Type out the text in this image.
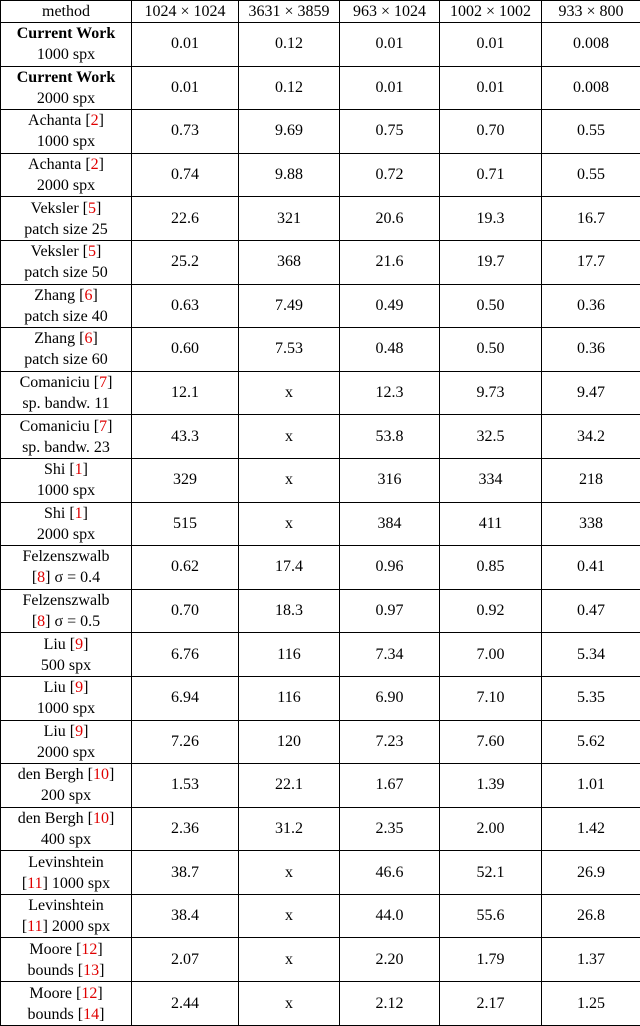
method	1024 × 1024	3631 × 3859	963 × 1024	1002 × 1002	933 × 800

Current Work
1000 spx	0.01	0.12	0.01	0.01	0.008

Current Work
2000 spx	0.01	0.12	0.01	0.01	0.008

Achanta [2]
1000 spx	0.73	9.69	0.75	0.70	0.55

Achanta [2]
2000 spx	0.74	9.88	0.72	0.71	0.55

Veksler [5]
patch size 25	22.6	321	20.6	19.3	16.7

Veksler [5]
patch size 50	25.2	368	21.6	19.7	17.7

Zhang [6]
patch size 40	0.63	7.49	0.49	0.50	0.36

Zhang [6]
patch size 60	0.60	7.53	0.48	0.50	0.36

Comaniciu [7]
sp. bandw. 11	12.1	x	12.3	9.73	9.47

Comaniciu [7]
sp. bandw. 23	43.3	x	53.8	32.5	34.2

Shi [1]
1000 spx	329	x	316	334	218

Shi [1]
2000 spx	515	x	384	411	338

Felzenszwalb
[8] σ = 0.4	0.62	17.4	0.96	0.85	0.41

Felzenszwalb
[8] σ = 0.5	0.70	18.3	0.97	0.92	0.47

Liu [9]
500 spx	6.76	116	7.34	7.00	5.34

Liu [9]
1000 spx	6.94	116	6.90	7.10	5.35

Liu [9]
2000 spx	7.26	120	7.23	7.60	5.62

den Bergh [10]
200 spx	1.53	22.1	1.67	1.39	1.01

den Bergh [10]
400 spx	2.36	31.2	2.35	2.00	1.42

Levinshtein
[11] 1000 spx	38.7	x	46.6	52.1	26.9

Levinshtein
[11] 2000 spx	38.4	x	44.0	55.6	26.8

Moore [12]
bounds [13]	2.07	x	2.20	1.79	1.37

Moore [12]
bounds [14]	2.44	x	2.12	2.17	1.25
